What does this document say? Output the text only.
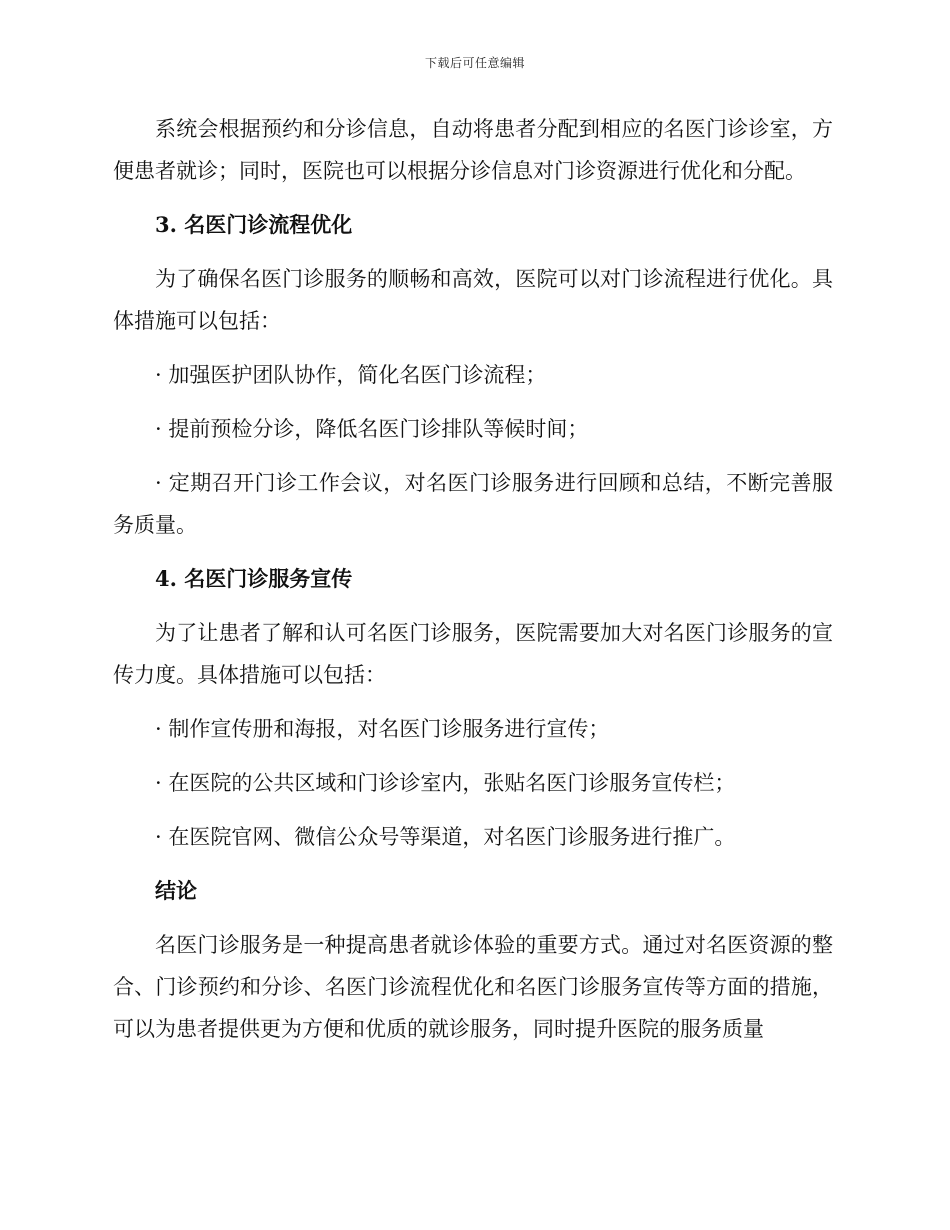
下载后可任意编辑

系统会根据预约和分诊信息，自动将患者分配到相应的名医门诊诊室，方便患者就诊；同时，医院也可以根据分诊信息对门诊资源进行优化和分配。

3. 名医门诊流程优化

为了确保名医门诊服务的顺畅和高效，医院可以对门诊流程进行优化。具体措施可以包括：

· 加强医护团队协作，简化名医门诊流程；
· 提前预检分诊，降低名医门诊排队等候时间；
· 定期召开门诊工作会议，对名医门诊服务进行回顾和总结，不断完善服务质量。
4. 名医门诊服务宣传

为了让患者了解和认可名医门诊服务，医院需要加大对名医门诊服务的宣传力度。具体措施可以包括：

· 制作宣传册和海报，对名医门诊服务进行宣传；
· 在医院的公共区域和门诊诊室内，张贴名医门诊服务宣传栏；
· 在医院官网、微信公众号等渠道，对名医门诊服务进行推广。
结论

名医门诊服务是一种提高患者就诊体验的重要方式。通过对名医资源的整合、门诊预约和分诊、名医门诊流程优化和名医门诊服务宣传等方面的措施，可以为患者提供更为方便和优质的就诊服务，同时提升医院的服务质量
